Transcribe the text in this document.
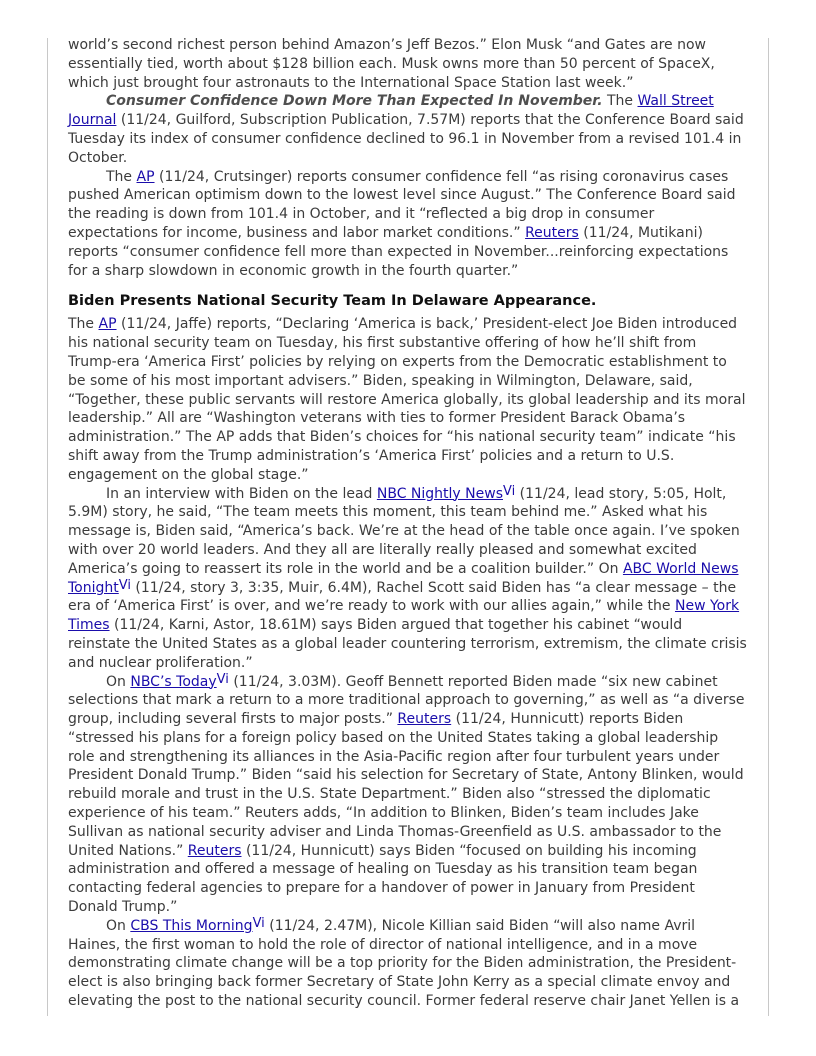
world’s second richest person behind Amazon’s Jeff Bezos.” Elon Musk “and Gates are now essentially tied, worth about $128 billion each. Musk owns more than 50 percent of SpaceX, which just brought four astronauts to the International Space Station last week.”

Consumer Confidence Down More Than Expected In November. The Wall Street Journal (11/24, Guilford, Subscription Publication, 7.57M) reports that the Conference Board said Tuesday its index of consumer confidence declined to 96.1 in November from a revised 101.4 in October.

The AP (11/24, Crutsinger) reports consumer confidence fell “as rising coronavirus cases pushed American optimism down to the lowest level since August.” The Conference Board said the reading is down from 101.4 in October, and it “reflected a big drop in consumer expectations for income, business and labor market conditions.” Reuters (11/24, Mutikani) reports “consumer confidence fell more than expected in November...reinforcing expectations for a sharp slowdown in economic growth in the fourth quarter.”

Biden Presents National Security Team In Delaware Appearance.

The AP (11/24, Jaffe) reports, “Declaring ‘America is back,’ President-elect Joe Biden introduced his national security team on Tuesday, his first substantive offering of how he’ll shift from Trump-era ‘America First’ policies by relying on experts from the Democratic establishment to be some of his most important advisers.” Biden, speaking in Wilmington, Delaware, said, “Together, these public servants will restore America globally, its global leadership and its moral leadership.” All are “Washington veterans with ties to former President Barack Obama’s administration.” The AP adds that Biden’s choices for “his national security team” indicate “his shift away from the Trump administration’s ‘America First’ policies and a return to U.S. engagement on the global stage.”

In an interview with Biden on the lead NBC Nightly NewsVi (11/24, lead story, 5:05, Holt, 5.9M) story, he said, “The team meets this moment, this team behind me.” Asked what his message is, Biden said, “America’s back. We’re at the head of the table once again. I’ve spoken with over 20 world leaders. And they all are literally really pleased and somewhat excited America’s going to reassert its role in the world and be a coalition builder.” On ABC World News TonightVi (11/24, story 3, 3:35, Muir, 6.4M), Rachel Scott said Biden has “a clear message – the era of ‘America First’ is over, and we’re ready to work with our allies again,” while the New York Times (11/24, Karni, Astor, 18.61M) says Biden argued that together his cabinet “would reinstate the United States as a global leader countering terrorism, extremism, the climate crisis and nuclear proliferation.”

On NBC’s TodayVi (11/24, 3.03M). Geoff Bennett reported Biden made “six new cabinet selections that mark a return to a more traditional approach to governing,” as well as “a diverse group, including several firsts to major posts.” Reuters (11/24, Hunnicutt) reports Biden “stressed his plans for a foreign policy based on the United States taking a global leadership role and strengthening its alliances in the Asia-Pacific region after four turbulent years under President Donald Trump.” Biden “said his selection for Secretary of State, Antony Blinken, would rebuild morale and trust in the U.S. State Department.” Biden also “stressed the diplomatic experience of his team.” Reuters adds, “In addition to Blinken, Biden’s team includes Jake Sullivan as national security adviser and Linda Thomas-Greenfield as U.S. ambassador to the United Nations.” Reuters (11/24, Hunnicutt) says Biden “focused on building his incoming administration and offered a message of healing on Tuesday as his transition team began contacting federal agencies to prepare for a handover of power in January from President Donald Trump.”

On CBS This MorningVi (11/24, 2.47M), Nicole Killian said Biden “will also name Avril Haines, the first woman to hold the role of director of national intelligence, and in a move demonstrating climate change will be a top priority for the Biden administration, the President-elect is also bringing back former Secretary of State John Kerry as a special climate envoy and elevating the post to the national security council. Former federal reserve chair Janet Yellen is a
